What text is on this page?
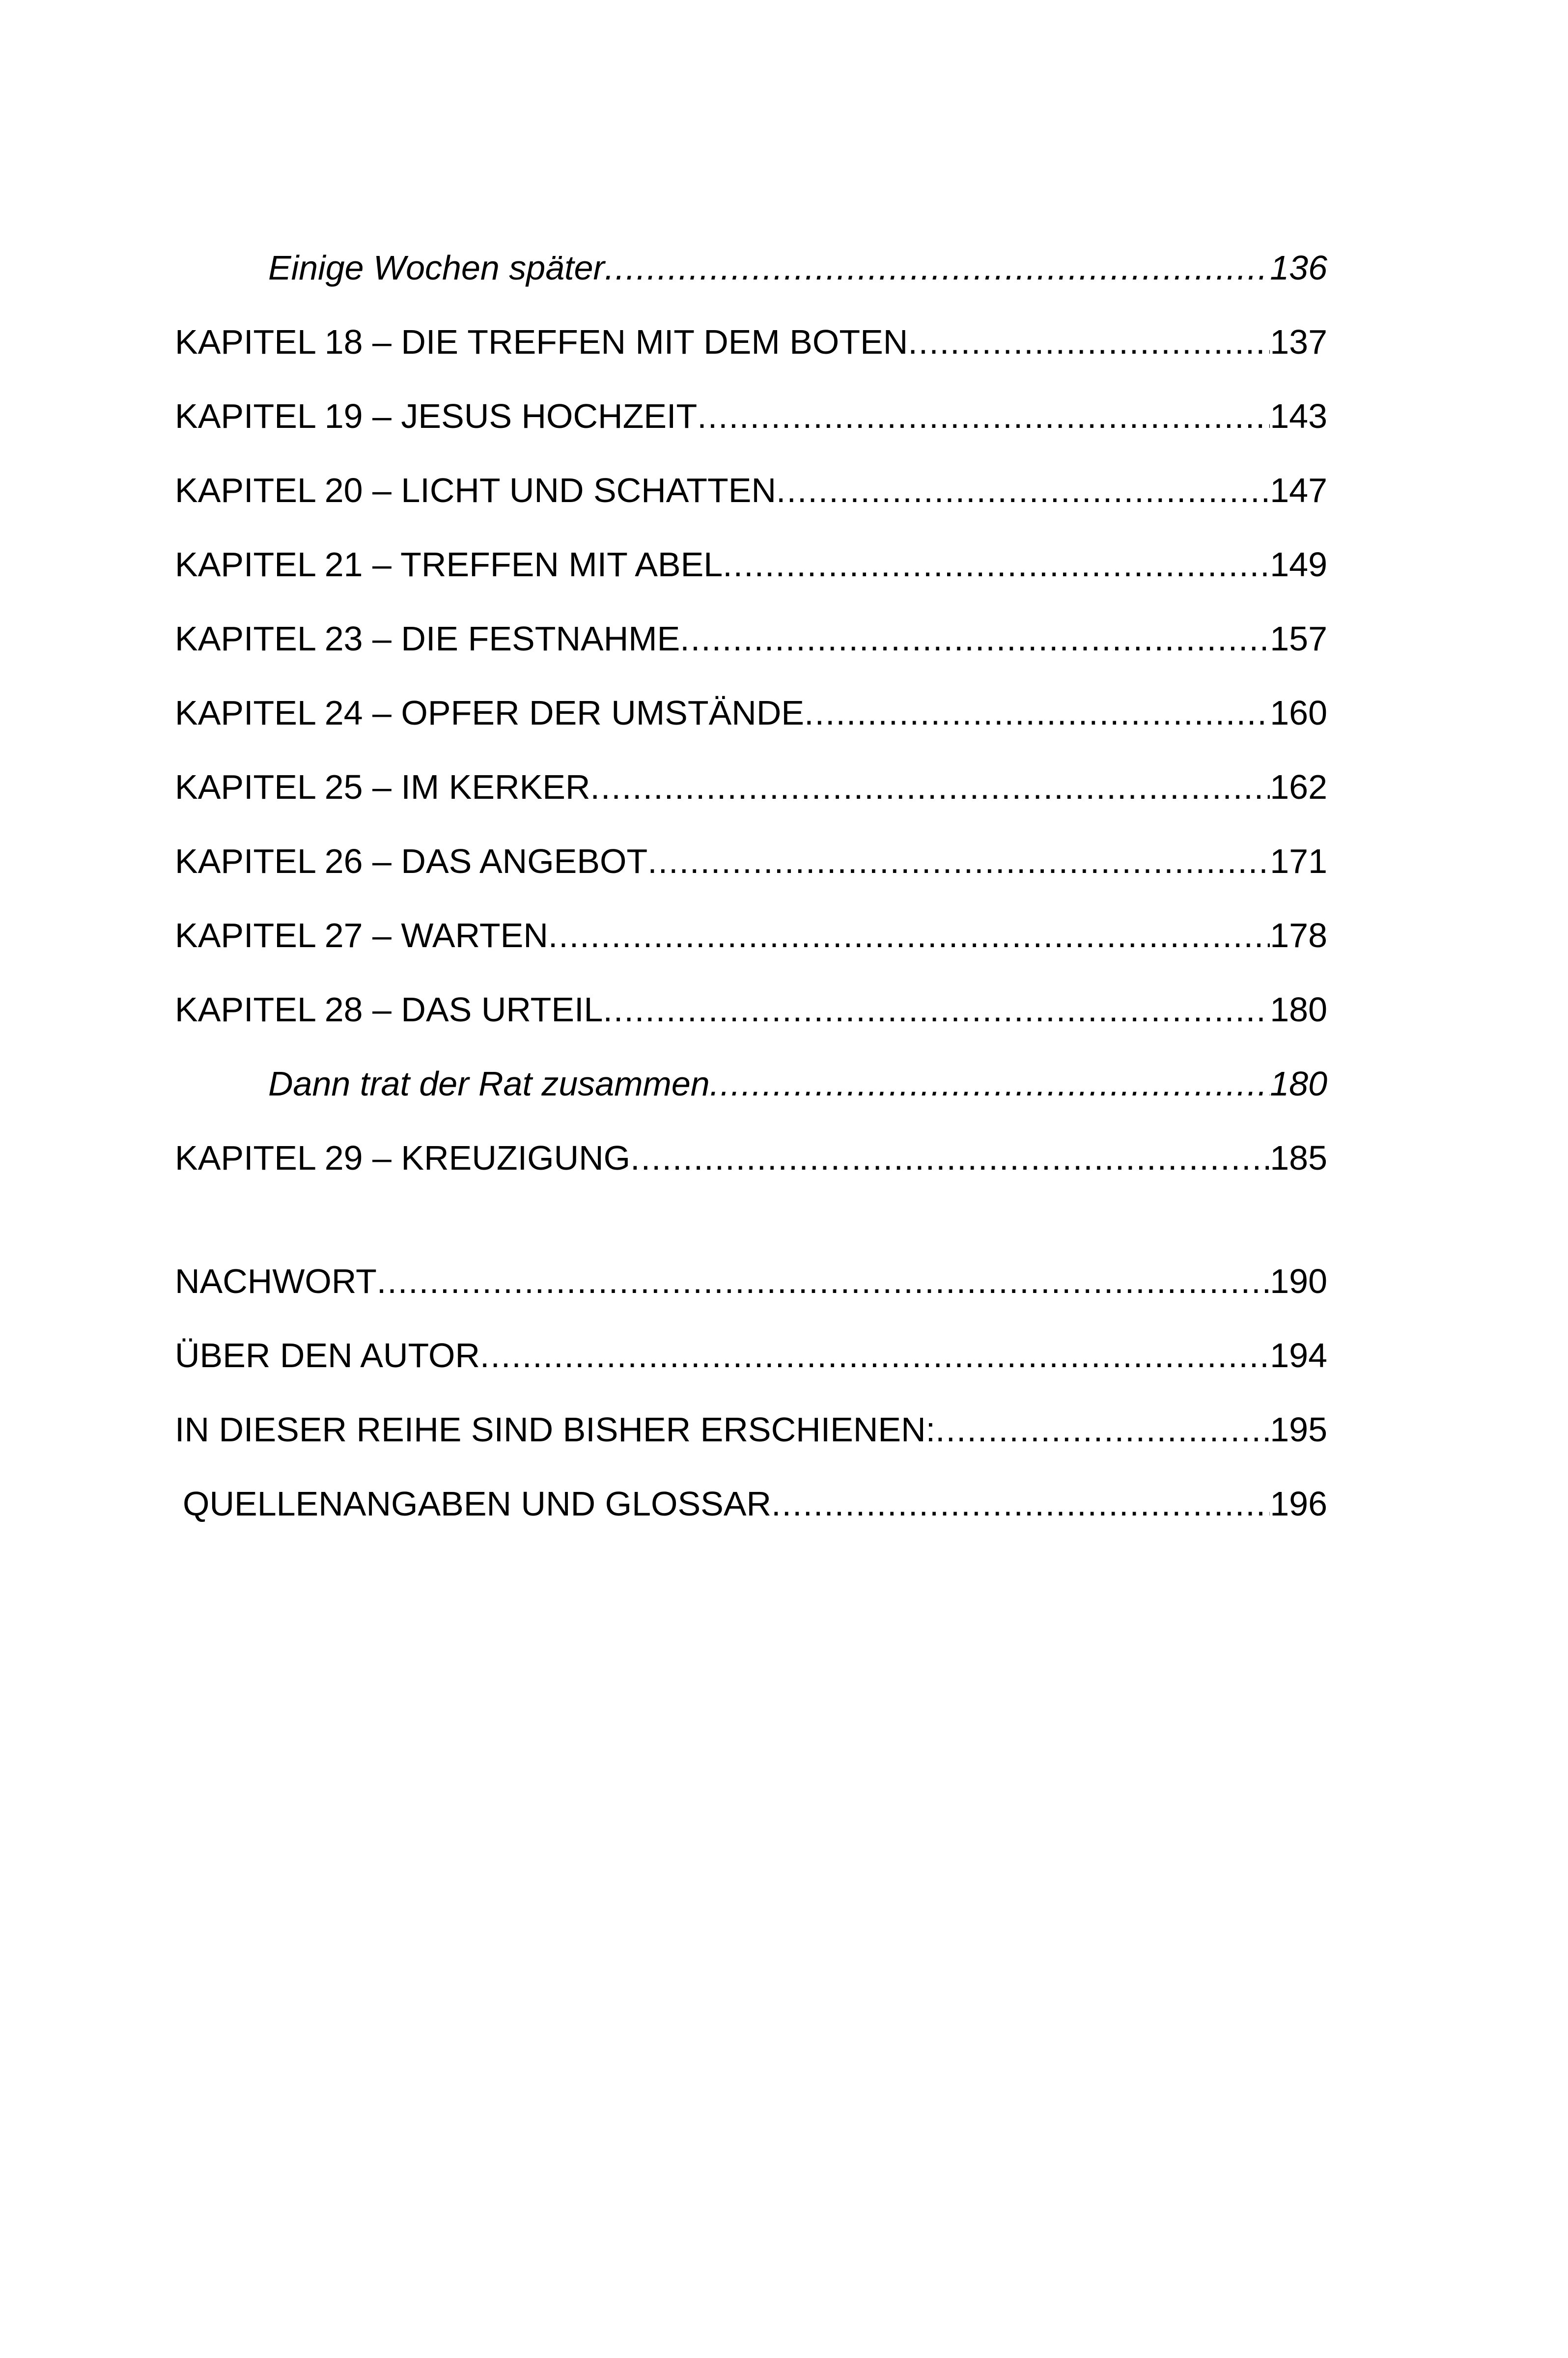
Einige Wochen später .....	136
KAPITEL 18 – DIE TREFFEN MIT DEM BOTEN .....	137
KAPITEL 19 – JESUS HOCHZEIT .....	143
KAPITEL 20 – LICHT UND SCHATTEN .....	147
KAPITEL 21 – TREFFEN MIT ABEL .....	149
KAPITEL 23 – DIE FESTNAHME .....	157
KAPITEL 24 – OPFER DER UMSTÄNDE .....	160
KAPITEL 25 – IM KERKER .....	162
KAPITEL 26 – DAS ANGEBOT .....	171
KAPITEL 27 – WARTEN .....	178
KAPITEL 28 – DAS URTEIL .....	180
Dann trat der Rat zusammen .....	180
KAPITEL 29 – KREUZIGUNG .....	185
NACHWORT .....	190
ÜBER DEN AUTOR .....	194
IN DIESER REIHE SIND BISHER ERSCHIENEN: .....	195
QUELLENANGABEN UND GLOSSAR .....	196
